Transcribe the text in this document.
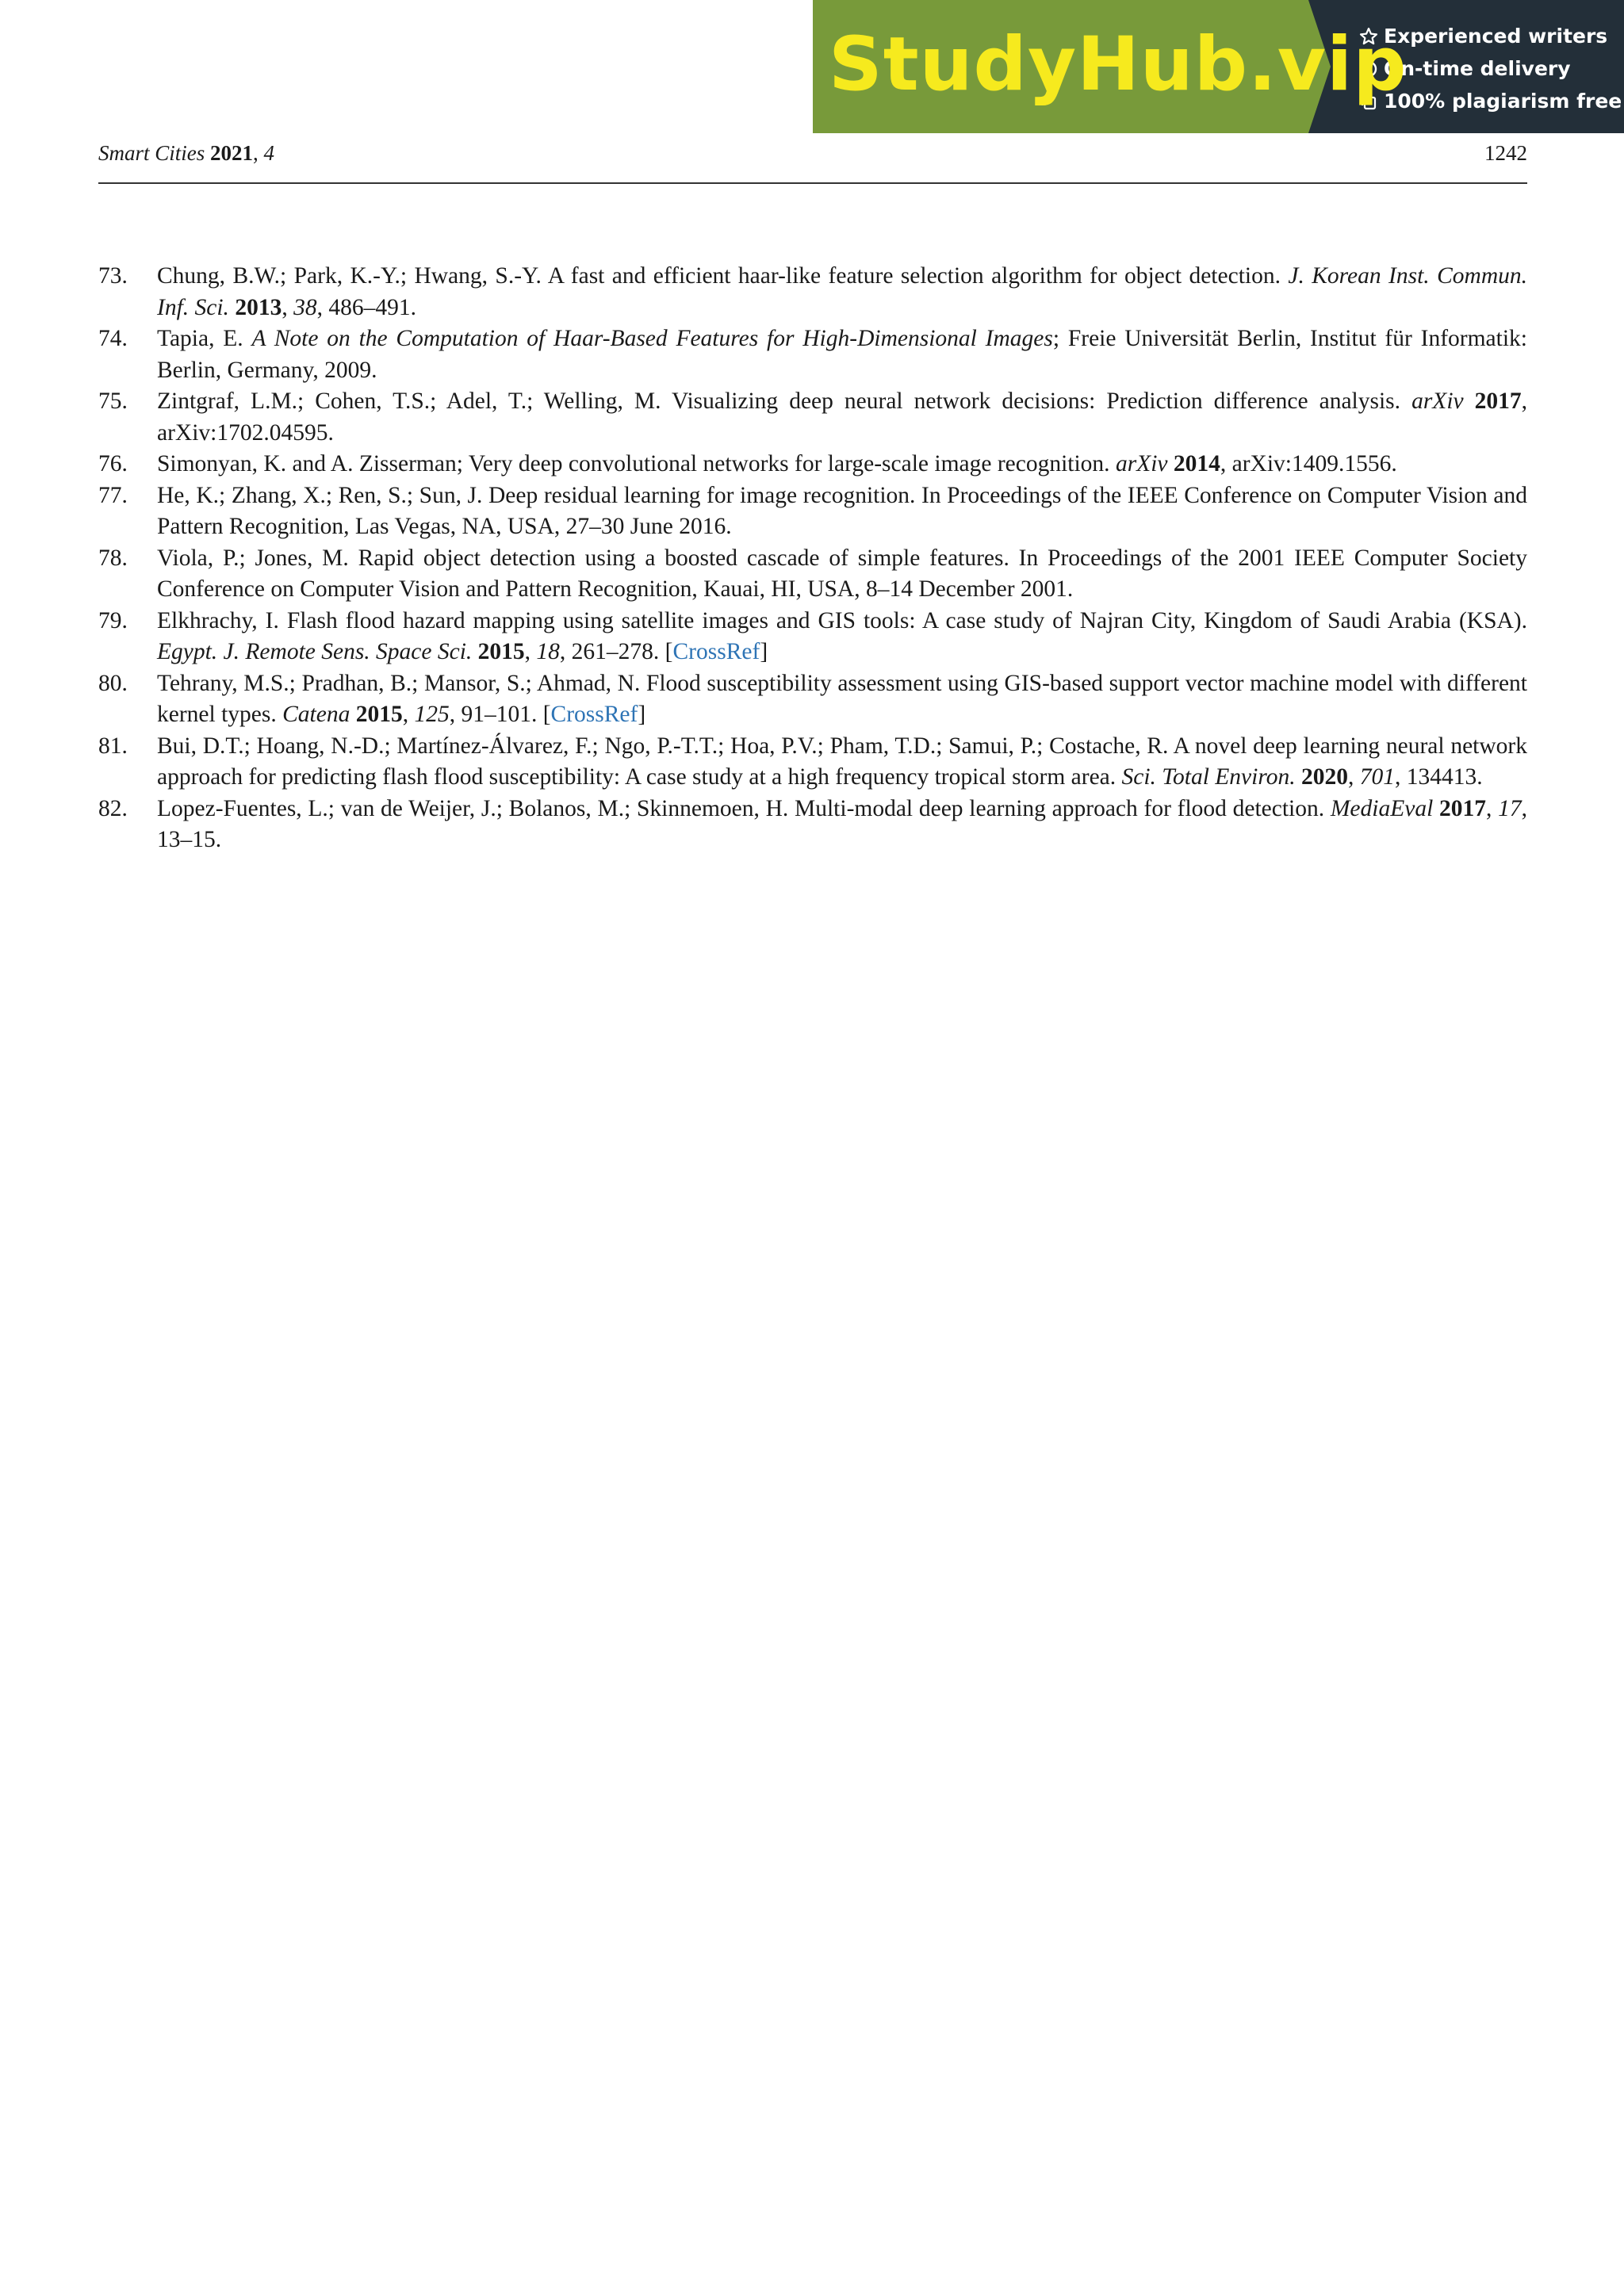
StudyHub.vip
Experienced writers
On-time delivery
100% plagiarism free
Smart Cities 2021, 4	1242
73. Chung, B.W.; Park, K.-Y.; Hwang, S.-Y. A fast and efficient haar-like feature selection algorithm for object detection. J. Korean Inst. Commun. Inf. Sci. 2013, 38, 486–491.
74. Tapia, E. A Note on the Computation of Haar-Based Features for High-Dimensional Images; Freie Universität Berlin, Institut für Informatik: Berlin, Germany, 2009.
75. Zintgraf, L.M.; Cohen, T.S.; Adel, T.; Welling, M. Visualizing deep neural network decisions: Prediction difference analysis. arXiv 2017, arXiv:1702.04595.
76. Simonyan, K. and A. Zisserman; Very deep convolutional networks for large-scale image recognition. arXiv 2014, arXiv:1409.1556.
77. He, K.; Zhang, X.; Ren, S.; Sun, J. Deep residual learning for image recognition. In Proceedings of the IEEE Conference on Computer Vision and Pattern Recognition, Las Vegas, NA, USA, 27–30 June 2016.
78. Viola, P.; Jones, M. Rapid object detection using a boosted cascade of simple features. In Proceedings of the 2001 IEEE Computer Society Conference on Computer Vision and Pattern Recognition, Kauai, HI, USA, 8–14 December 2001.
79. Elkhrachy, I. Flash flood hazard mapping using satellite images and GIS tools: A case study of Najran City, Kingdom of Saudi Arabia (KSA). Egypt. J. Remote Sens. Space Sci. 2015, 18, 261–278. [CrossRef]
80. Tehrany, M.S.; Pradhan, B.; Mansor, S.; Ahmad, N. Flood susceptibility assessment using GIS-based support vector machine model with different kernel types. Catena 2015, 125, 91–101. [CrossRef]
81. Bui, D.T.; Hoang, N.-D.; Martínez-Álvarez, F.; Ngo, P.-T.T.; Hoa, P.V.; Pham, T.D.; Samui, P.; Costache, R. A novel deep learning neural network approach for predicting flash flood susceptibility: A case study at a high frequency tropical storm area. Sci. Total Environ. 2020, 701, 134413.
82. Lopez-Fuentes, L.; van de Weijer, J.; Bolanos, M.; Skinnemoen, H. Multi-modal deep learning approach for flood detection. MediaEval 2017, 17, 13–15.
